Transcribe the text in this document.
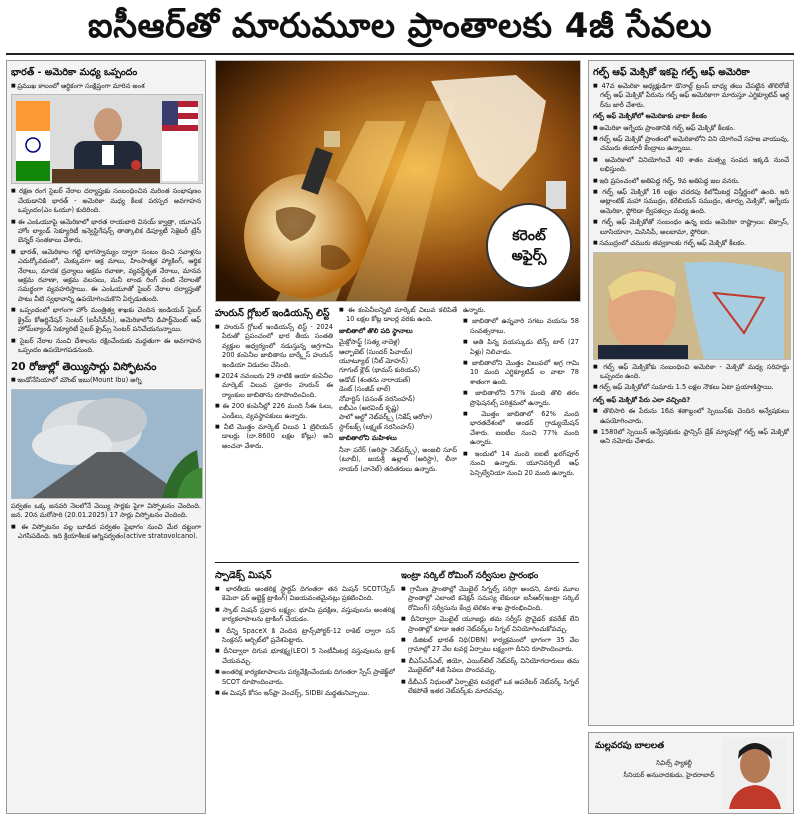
ఐసీఆర్‌తో మారుమూల ప్రాంతాలకు 4జీ సేవలు
భారత్ - అమెరికా మధ్య ఒప్పందం

■ ప్రముఖ కాలంలో ఆర్థికంగా సంక్షిప్తంగా మారిన అంశ

■ రక్షణ రంగ సైబర్ నేరాల దర్యాప్తుకు సంబంధించిన మరింత సంభాషణం చేయడానికి భారత్ - అమెరికా మధ్య కీలక పరస్పర అవగాహన ఒప్పందం(ఎం ఓయూ) కుదిరింది.

■ ఈ ఎంఓయూపై అమెరికాలో భారత రాయబారి వినయ్ క్వాత్రా, యూఎస్ హోం ల్యాండ్ సెక్యూరిటీ ఇన్వెస్టిగేషన్స్ తాత్కాలిక డిప్యూటీ సెక్రెటరీ ట్రేసీ బెన్నర్ సంతకాలు చేశారు.

■ భారత్, అమెరికాల గట్టి భాగస్వామ్యం ద్వారా సంబం ధించి సవాళ్లను ఎదుర్కోవడంలో, మెక్కువగా అక్ర మాలు, హింసాత్మక హ్యాకింగ్, ఆర్థిక నేరాలు, మాదక ద్రవ్యాలు అక్రమ రవాణా, వ్యవస్థీకృత నేరాలు, మానవ అక్రమ రవాణా, అక్రమ వలసలు, మనీ లాండ రింగ్ వంటి నేరాలతో సమర్థంగా వ్యవహరిస్తాయి. ఈ ఎంఓయూతో సైబర్ నేరాల దర్యాప్తుతో పాటు వీటి స్వభావాన్ని ఉపయోగించుకొని ఏర్పడుతుంది.

■ ఒప్పందంలో భాగంగా హోం మంత్రిత్వ శాఖకు చెందిన ఇండియన్ సైబర్ క్రైమ్ కోఆర్డినేషన్ సెంటర్ (ఐసీసీసీసీ), అమెరికాలోని డిపార్ట్‌మెంట్ ఆఫ్ హోమ్‌ల్యాండ్ సెక్యూరిటీ సైబర్ క్రైమ్స్ సెంటర్ పనిచేయనున్నాయి.

■ సైబర్ నేరాల నుంచి దేశాలను రక్షించేందుకు మద్దతుగా ఈ అవగాహన ఒప్పందం ఉపయోగపడనుంది.

20 రోజుల్లో తెయ్యిసార్లు విస్ఫోటనం

■ ఇండోనేసియాలో మౌంట్ ఇబు(Mount Ibu) అగ్ని

పర్వతం ఒక్క జనవరి నెలలోనే వెయ్యి సార్లకు పైగా విస్ఫోటనం చెందింది. జన. 20న మరోసారి (20.01.2025) 17 సార్లు విస్ఫోటనం చెందింది.

■ ఈ విస్ఫోటనం వల్ల బూడిద పర్వతం పైభాగం నుంచి మేర దట్టంగా ఎగసిపడింది. ఇది క్రియాశీలక అగ్నిపర్వతం(active stratovolcano).

కరెంట్ అఫైర్స్
హురున్ గ్లోబల్ ఇండియన్స్ లిస్ట్

■ హురున్ గ్లోబల్ ఇండియన్స్ లిస్ట్ - 2024 పేరుతో ప్రపంచంలో భార తీయ సంతతి వ్యక్తుల ఆధ్వర్యంలో నడుస్తున్న అగ్రగామి 200 కంపెనీల జాబితాను బార్క్లేస్ హురున్ ఇండియా విడుదల చేసింది.

■ 2024 నవంబరు 29 నాటికి ఆయా కంపెనీల మార్కెట్ విలువ ప్రకారం హురున్ ఈ ర్యాంకుల జాబితాను రూపొందించింది.

■ ఈ 200 కంపెనీల్లో 226 మంది సీఈ ఓలు, ఎండీలు, వ్యవస్థాపకులు ఉన్నారు.

■ వీటి మొత్తం మార్కెట్ విలువ 1 ట్రిలియన్ డాలర్లు (దా.8600 లక్షల కోట్లు) అని అంచనా వేశారు.

■ ఈ కంపెనీలన్నిటి మార్కెట్ విలువ కలిపితే 10 లక్షల కోట్ల డాలర్ల వరకు ఉంది.

జాబితాలో తొలి పది స్థానాలు

మైక్రోసాఫ్ట్ (సత్య నాదెళ్ల)
ఆల్ఫాబెట్ (సుందర్ పిచాయ్)
యూట్యూబ్ (నీల్ మోహన్)
గూగుల్ క్లౌడ్ (థామస్ కురియన్)
అడోబ్ (శంతను నారాయణ్)
డెంట్ (సంజీవ్ లాల్)
నోవార్టిస్ (వసంత్ నరసింహన్)
ఐబీఎం (అరవింద్ కృష్ణ)
పాలో ఆల్టో నెట్‌వర్క్స్ (నికేష్ అరోరా)
స్టార్‌బక్స్ (లక్ష్మణ్ నరసింహన్)

జాబితాలోని మహిళలు

నీనా పరేర్ (అరిస్టా నెట్‌వర్క్స్), అంజలి సూద్ (టూబీ), జయశ్రీ ఉల్లాల్ (అరిస్టా), లీనా నాయర్ (చానెల్) తదితరులు ఉన్నారు.

ఉన్నారు.

■ జాబితాలో ఉన్నవారి సగటు వయసు 58 సంవత్సరాలు.

■ అతి పిన్న వయస్కుడు టిన్స్ టార్ (27 ఏళ్లు) నిలిచాడు.

■ జాబితాలోని మొత్తం విలువలో అగ్ర గామి 10 మంది ఎగ్జిక్యూటివ్ ల వాటా 78 శాతంగా ఉంది.

■ జాబితాలోని 57% మంది తొలి తరం ప్రొఫెషనల్స్ పరిశ్రమలో ఉన్నారు.

■ మొత్తం జాబితాలో 62% మంది భారతదేశంలో అండర్ గ్రాడ్యుయేషన్ చేశారు. ఐఐటీల నుంచి 77% మంది ఉన్నారు.

■ ఇందులో 14 మంది ఐఐటీ ఖరగ్‌పూర్ నుంచి ఉన్నారు. యూనివర్సిటీ ఆఫ్ పెన్సిల్వేనియా నుంచి 20 మంది ఉన్నారు.

స్పాడెక్స్ మిషన్

■ భారతీయ అంతరిక్ష స్టార్టప్ దిగంతరా తన మిషన్ SCOT(స్పేస్ కెమెరా ఫర్ ఆబ్జెక్ట్ ట్రాకింగ్) విజయవంతమైనట్లు ప్రకటించింది.

■ స్కాట్ మిషన్ ప్రధాన లక్ష్యం: భూమి ప్రదక్షిణ, వస్తువులను అంతరిక్ష కార్యకలాపాలను ట్రాకింగ్ చేయడం.

■ దీన్ని SpaceX కి చెందిన ట్రాన్స్‌పోర్టర్-12 రాకెట్ ద్వారా సన్ సింక్రనస్ ఆర్బిట్‌లో ప్రవేశపెట్టారు.

■ దీనిద్వారా దిగువ భూకక్ష్య(LEO) 5 సెంటీమీటర్ల వస్తువులను ట్రాక్ చేయవచ్చు.

■ అంతరిక్ష కార్యకలాపాలను పర్యవేక్షించేందుకు దిగంతరా స్పేస్ ప్రాజెక్ట్‌లో SCOT రూపొందించారు.

■ ఈ మిషన్ కోసం ఇన్‌ఫ్రా వెంచర్స్, SIDBI మద్దతునిచ్చాయి.

ఇంట్రా సర్కిల్ రోమింగ్ సర్వీసుల ప్రారంభం

■ గ్రామీణ ప్రాంతాల్లో మొబైల్ సిగ్నల్స్ సరిగ్గా అందని, మారు మూల ప్రాంతాల్లో ఎలాంటి కనెక్షన్ సమస్య లేకుండా ఐసీఆర్(ఇంట్రా సర్కిల్ రోమింగ్) సర్వీసును కేంద్ర టెలికం శాఖ ప్రారంభించింది.

■ దీనిద్వారా మొబైల్ యూజర్లు తమ సర్వీస్ ప్రొవైడర్ కవరేజ్ లేని ప్రాంతాల్లో కూడా ఇతర నెట్‌వర్క్‌ల సిగ్నల్ వినియోగించుకోవచ్చు.

■ డిజిటల్ భారత్ నిధి(DBN) కార్యక్రమంలో భాగంగా 35 వేల గ్రామాల్లో 27 వేల టవర్ల ఏర్పాటు లక్ష్యంగా దీనిని రూపొందించారు.

■ బీఎస్ఎన్ఎల్, జియో, ఎయిర్‌టెల్ నెట్‌వర్క్ వినియోగదారులు తమ మొబైల్‌లో 4జీ సేవలు పొందవచ్చు.

■ డీబీఎన్ నిధులతో ఏర్పాటైన టవర్లలో ఒక ఆపరేటర్ నెట్‌వర్క్ సిగ్నల్ లేకపోతే ఇతర నెట్‌వర్క్‌కు మారవచ్చు.

గల్ఫ్ ఆఫ్ మెక్సికో ఇకపై గల్ఫ్ ఆఫ్ అమెరికా

■ 47వ అమెరికా అధ్యక్షుడిగా డొనాల్డ్ ట్రంప్ బాధ్య తలు చేపట్టిన తొలిరోజే గల్ఫ్ ఆఫ్ మెక్సికో పేరును గల్ఫ్ ఆఫ్ అమెరికాగా మారుస్తూ ఎగ్జిక్యూటివ్ ఆర్డ ర్‌ను జారీ చేశారు.

గల్ఫ్ ఆఫ్ మెక్సికోలో అమెరికాకు వాటా కీలకం

■ అమెరికా ఆగ్నేయ ప్రాంతానికి గల్ఫ్ ఆఫ్ మెక్సికో కీలకం.

■ గల్ఫ్ ఆఫ్ మెక్సికో ప్రాంతంలో అమెరికాలోని విని యోగించే సహజ వాయువు, చమురు తయారీ కేంద్రాలు ఉన్నాయి.

■ అమెరికాలో వినియోగించే 40 శాతం మత్స్య సంపద ఇక్కడి నుంచే లభిస్తుంది.

■ ఇది ప్రపంచంలో అతిపెద్ద గల్ఫ్. 9వ అతిపెద్ద జల వనరు.

■ గల్ఫ్ ఆఫ్ మెక్సికో 16 లక్షల చదరపు కిలోమీటర్ల విస్తీర్ణంలో ఉంది. ఇది అట్లాంటిక్ మహా సముద్రం, కరేబియన్ సముద్రం, తూర్పు మెక్సికో, ఆగ్నేయ అమెరికా, ఫ్లోరిడా ద్వీపకల్పం మధ్య ఉంది.

■ గల్ఫ్ ఆఫ్ మెక్సికోతో సంబంధం ఉన్న ఐదు అమెరికా రాష్ట్రాలు: టెక్సాస్, లూసియానా, మిసిసిపీ, అలబామా, ఫ్లోరిడా.

■ సముద్రంలో చమురు తవ్వకాలకు గల్ఫ్ ఆఫ్ మెక్సికో కీలకం.

■ గల్ఫ్ ఆఫ్ మెక్సికోకు సంబంధించి అమెరికా - మెక్సికో మధ్య సరిహద్దు ఒప్పందం ఉంది.

■ గల్ఫ్ ఆఫ్ మెక్సికోలో సుమారు 1.5 లక్షల నౌకలు ఏటా ప్రయాణిస్తాయి.

గల్ఫ్ ఆఫ్ మెక్సికో పేరు ఎలా వచ్చింది?

■ తొలిసారి ఈ పేరును 16వ శతాబ్దంలో స్పెయిన్‌కు చెందిన అన్వేషకులు ఉపయోగించారు.

■ 1580లో స్పెయిన్ అన్వేషకుడు ఫ్రాన్సిస్ డ్రేక్ మ్యాపుల్లో గల్ఫ్ ఆఫ్ మెక్సికో అని నమోదు చేశాడు.

మల్లవరపు బాలలత
సివిల్స్ ఫ్యాకల్టీ
సీనియర్ అనువాదకుడు, హైదరాబాద్
